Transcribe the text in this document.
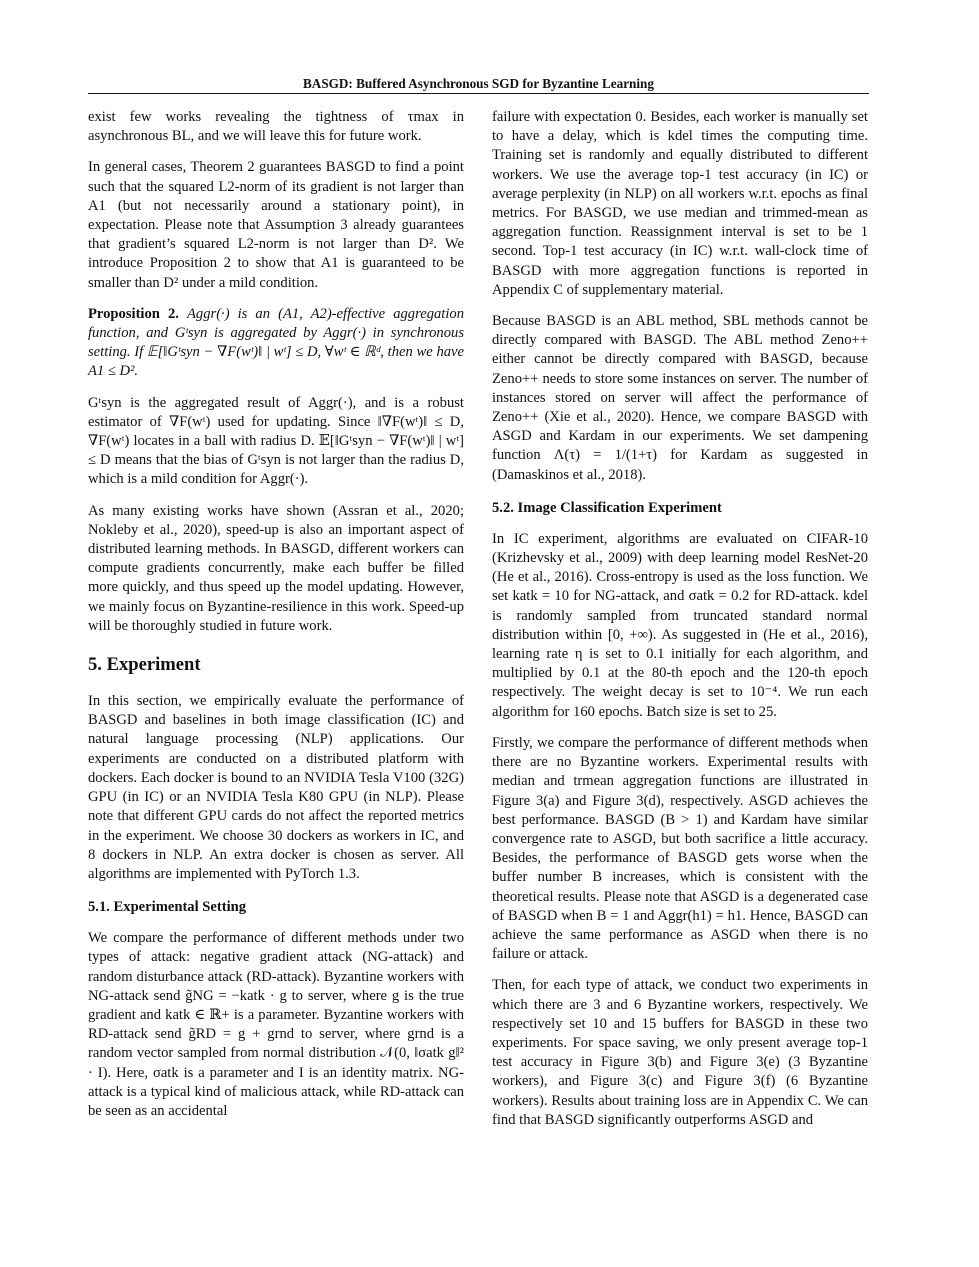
BASGD: Buffered Asynchronous SGD for Byzantine Learning

exist few works revealing the tightness of τmax in asynchronous BL, and we will leave this for future work.

In general cases, Theorem 2 guarantees BASGD to find a point such that the squared L2-norm of its gradient is not larger than A1 (but not necessarily around a stationary point), in expectation. Please note that Assumption 3 already guarantees that gradient’s squared L2-norm is not larger than D². We introduce Proposition 2 to show that A1 is guaranteed to be smaller than D² under a mild condition.

Proposition 2. Aggr(·) is an (A1, A2)-effective aggregation function, and Gᵗsyn is aggregated by Aggr(·) in synchronous setting. If 𝔼[‖Gᵗsyn − ∇F(wᵗ)‖ | wᵗ] ≤ D, ∀wᵗ ∈ ℝᵈ, then we have A1 ≤ D².

Gᵗsyn is the aggregated result of Aggr(·), and is a robust estimator of ∇F(wᵗ) used for updating. Since ‖∇F(wᵗ)‖ ≤ D, ∇F(wᵗ) locates in a ball with radius D. 𝔼[‖Gᵗsyn − ∇F(wᵗ)‖ | wᵗ] ≤ D means that the bias of Gᵗsyn is not larger than the radius D, which is a mild condition for Aggr(·).

As many existing works have shown (Assran et al., 2020; Nokleby et al., 2020), speed-up is also an important aspect of distributed learning methods. In BASGD, different workers can compute gradients concurrently, make each buffer be filled more quickly, and thus speed up the model updating. However, we mainly focus on Byzantine-resilience in this work. Speed-up will be thoroughly studied in future work.

5. Experiment

In this section, we empirically evaluate the performance of BASGD and baselines in both image classification (IC) and natural language processing (NLP) applications. Our experiments are conducted on a distributed platform with dockers. Each docker is bound to an NVIDIA Tesla V100 (32G) GPU (in IC) or an NVIDIA Tesla K80 GPU (in NLP). Please note that different GPU cards do not affect the reported metrics in the experiment. We choose 30 dockers as workers in IC, and 8 dockers in NLP. An extra docker is chosen as server. All algorithms are implemented with PyTorch 1.3.

5.1. Experimental Setting

We compare the performance of different methods under two types of attack: negative gradient attack (NG-attack) and random disturbance attack (RD-attack). Byzantine workers with NG-attack send g̃NG = −katk · g to server, where g is the true gradient and katk ∈ ℝ+ is a parameter. Byzantine workers with RD-attack send g̃RD = g + grnd to server, where grnd is a random vector sampled from normal distribution 𝒩(0, ‖σatk g‖² · I). Here, σatk is a parameter and I is an identity matrix. NG-attack is a typical kind of malicious attack, while RD-attack can be seen as an accidental

failure with expectation 0. Besides, each worker is manually set to have a delay, which is kdel times the computing time. Training set is randomly and equally distributed to different workers. We use the average top-1 test accuracy (in IC) or average perplexity (in NLP) on all workers w.r.t. epochs as final metrics. For BASGD, we use median and trimmed-mean as aggregation function. Reassignment interval is set to be 1 second. Top-1 test accuracy (in IC) w.r.t. wall-clock time of BASGD with more aggregation functions is reported in Appendix C of supplementary material.

Because BASGD is an ABL method, SBL methods cannot be directly compared with BASGD. The ABL method Zeno++ either cannot be directly compared with BASGD, because Zeno++ needs to store some instances on server. The number of instances stored on server will affect the performance of Zeno++ (Xie et al., 2020). Hence, we compare BASGD with ASGD and Kardam in our experiments. We set dampening function Λ(τ) = 1/(1+τ) for Kardam as suggested in (Damaskinos et al., 2018).

5.2. Image Classification Experiment

In IC experiment, algorithms are evaluated on CIFAR-10 (Krizhevsky et al., 2009) with deep learning model ResNet-20 (He et al., 2016). Cross-entropy is used as the loss function. We set katk = 10 for NG-attack, and σatk = 0.2 for RD-attack. kdel is randomly sampled from truncated standard normal distribution within [0, +∞). As suggested in (He et al., 2016), learning rate η is set to 0.1 initially for each algorithm, and multiplied by 0.1 at the 80-th epoch and the 120-th epoch respectively. The weight decay is set to 10⁻⁴. We run each algorithm for 160 epochs. Batch size is set to 25.

Firstly, we compare the performance of different methods when there are no Byzantine workers. Experimental results with median and trmean aggregation functions are illustrated in Figure 3(a) and Figure 3(d), respectively. ASGD achieves the best performance. BASGD (B > 1) and Kardam have similar convergence rate to ASGD, but both sacrifice a little accuracy. Besides, the performance of BASGD gets worse when the buffer number B increases, which is consistent with the theoretical results. Please note that ASGD is a degenerated case of BASGD when B = 1 and Aggr(h1) = h1. Hence, BASGD can achieve the same performance as ASGD when there is no failure or attack.

Then, for each type of attack, we conduct two experiments in which there are 3 and 6 Byzantine workers, respectively. We respectively set 10 and 15 buffers for BASGD in these two experiments. For space saving, we only present average top-1 test accuracy in Figure 3(b) and Figure 3(e) (3 Byzantine workers), and Figure 3(c) and Figure 3(f) (6 Byzantine workers). Results about training loss are in Appendix C. We can find that BASGD significantly outperforms ASGD and
